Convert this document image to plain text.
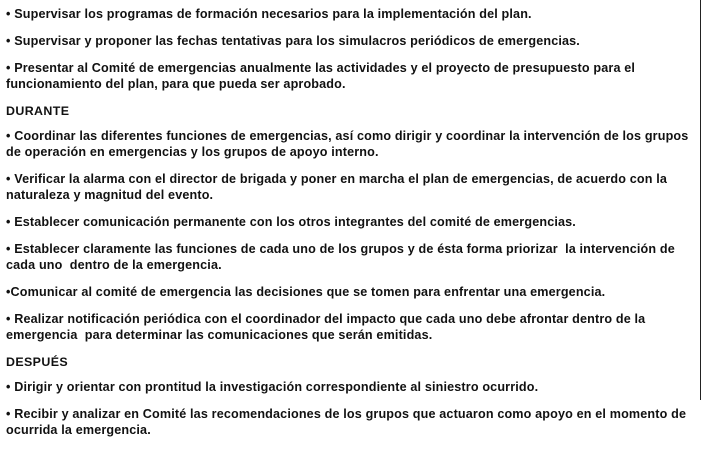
• Supervisar los programas de formación necesarios para la implementación del plan.
• Supervisar y proponer las fechas tentativas para los simulacros periódicos de emergencias.
• Presentar al Comité de emergencias anualmente las actividades y el proyecto de presupuesto para el funcionamiento del plan, para que pueda ser aprobado.
DURANTE
• Coordinar las diferentes funciones de emergencias, así como dirigir y coordinar la intervención de los grupos de operación en emergencias y los grupos de apoyo interno.
• Verificar la alarma con el director de brigada y poner en marcha el plan de emergencias, de acuerdo con la naturaleza y magnitud del evento.
• Establecer comunicación permanente con los otros integrantes del comité de emergencias.
• Establecer claramente las funciones de cada uno de los grupos y de ésta forma priorizar  la intervención de cada uno  dentro de la emergencia.
•Comunicar al comité de emergencia las decisiones que se tomen para enfrentar una emergencia.
• Realizar notificación periódica con el coordinador del impacto que cada uno debe afrontar dentro de la emergencia  para determinar las comunicaciones que serán emitidas.
DESPUÉS
• Dirigir y orientar con prontitud la investigación correspondiente al siniestro ocurrido.
• Recibir y analizar en Comité las recomendaciones de los grupos que actuaron como apoyo en el momento de ocurrida la emergencia.
